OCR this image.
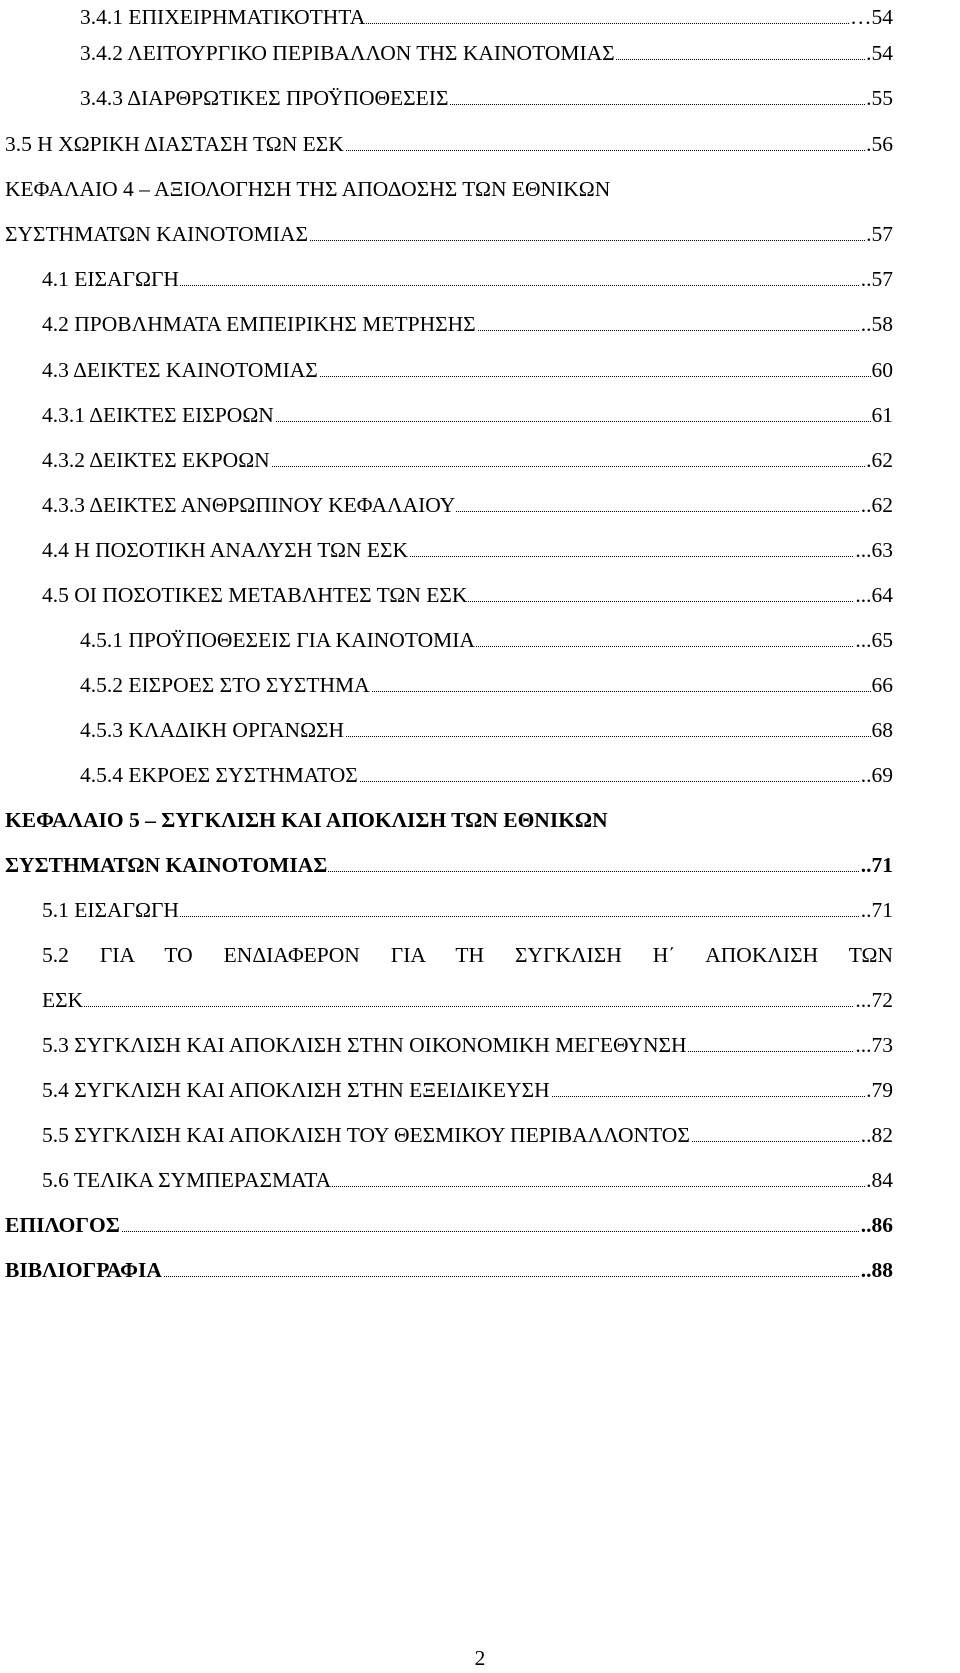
3.4.1 ΕΠΙΧΕΙΡΗΜΑΤΙΚΟΤΗΤΑ	…54
3.4.2 ΛΕΙΤΟΥΡΓΙΚΟ ΠΕΡΙΒΑΛΛΟΝ ΤΗΣ ΚΑΙΝΟΤΟΜΙΑΣ	.54
3.4.3 ΔΙΑΡΘΡΩΤΙΚΕΣ ΠΡΟΫΠΟΘΕΣΕΙΣ	.55
3.5 Η ΧΩΡΙΚΗ ΔΙΑΣΤΑΣΗ ΤΩΝ ΕΣΚ	.56
ΚΕΦΑΛΑΙΟ 4 – ΑΞΙΟΛΟΓΗΣΗ ΤΗΣ ΑΠΟΔΟΣΗΣ ΤΩΝ ΕΘΝΙΚΩΝ
ΣΥΣΤΗΜΑΤΩΝ ΚΑΙΝΟΤΟΜΙΑΣ	.57
4.1 ΕΙΣΑΓΩΓΗ	..57
4.2 ΠΡΟΒΛΗΜΑΤΑ ΕΜΠΕΙΡΙΚΗΣ ΜΕΤΡΗΣΗΣ	..58
4.3 ΔΕΙΚΤΕΣ ΚΑΙΝΟΤΟΜΙΑΣ	60
4.3.1 ΔΕΙΚΤΕΣ ΕΙΣΡΟΩΝ	61
4.3.2 ΔΕΙΚΤΕΣ ΕΚΡΟΩΝ	.62
4.3.3 ΔΕΙΚΤΕΣ ΑΝΘΡΩΠΙΝΟΥ ΚΕΦΑΛΑΙΟΥ	..62
4.4 Η ΠΟΣΟΤΙΚΗ ΑΝΑΛΥΣΗ ΤΩΝ ΕΣΚ	...63
4.5 ΟΙ ΠΟΣΟΤΙΚΕΣ ΜΕΤΑΒΛΗΤΕΣ ΤΩΝ ΕΣΚ	...64
4.5.1 ΠΡΟΫΠΟΘΕΣΕΙΣ ΓΙΑ ΚΑΙΝΟΤΟΜΙΑ	...65
4.5.2 ΕΙΣΡΟΕΣ ΣΤΟ ΣΥΣΤΗΜΑ	66
4.5.3 ΚΛΑΔΙΚΗ ΟΡΓΑΝΩΣΗ	68
4.5.4 ΕΚΡΟΕΣ ΣΥΣΤΗΜΑΤΟΣ	..69
ΚΕΦΑΛΑΙΟ 5 – ΣΥΓΚΛΙΣΗ ΚΑΙ ΑΠΟΚΛΙΣΗ ΤΩΝ ΕΘΝΙΚΩΝ
ΣΥΣΤΗΜΑΤΩΝ ΚΑΙΝΟΤΟΜΙΑΣ	..71
5.1 ΕΙΣΑΓΩΓΗ	..71
5.2 ΓΙΑ ΤΟ ΕΝΔΙΑΦΕΡΟΝ ΓΙΑ ΤΗ ΣΥΓΚΛΙΣΗ Η΄ ΑΠΟΚΛΙΣΗ ΤΩΝ
ΕΣΚ	...72
5.3 ΣΥΓΚΛΙΣΗ ΚΑΙ ΑΠΟΚΛΙΣΗ ΣΤΗΝ ΟΙΚΟΝΟΜΙΚΗ ΜΕΓΕΘΥΝΣΗ	...73
5.4 ΣΥΓΚΛΙΣΗ ΚΑΙ ΑΠΟΚΛΙΣΗ ΣΤΗΝ ΕΞΕΙΔΙΚΕΥΣΗ	.79
5.5 ΣΥΓΚΛΙΣΗ ΚΑΙ ΑΠΟΚΛΙΣΗ ΤΟΥ ΘΕΣΜΙΚΟΥ ΠΕΡΙΒΑΛΛΟΝΤΟΣ	..82
5.6 ΤΕΛΙΚΑ ΣΥΜΠΕΡΑΣΜΑΤΑ	.84
ΕΠΙΛΟΓΟΣ	..86
ΒΙΒΛΙΟΓΡΑΦΙΑ	..88
2
